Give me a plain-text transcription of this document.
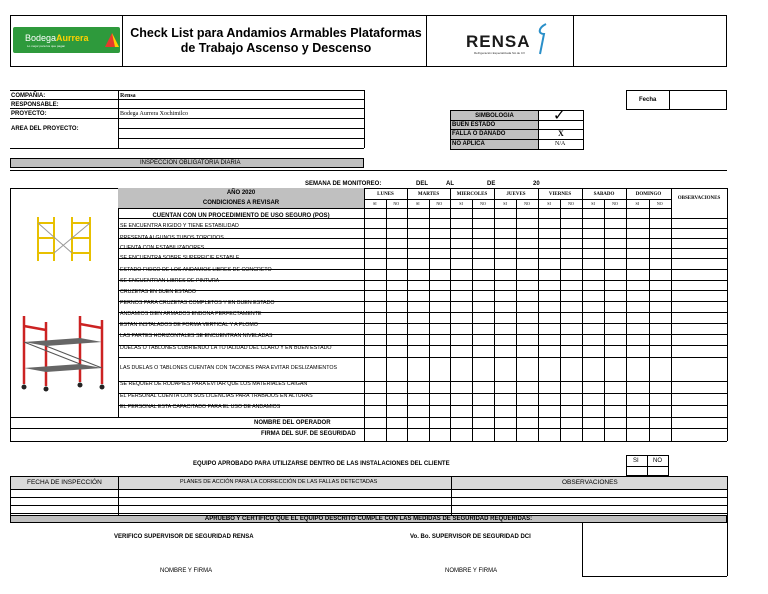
BodegaAurrera
Lo mejor para los que pagan
Check List para Andamios Armables Plataformas de Trabajo Ascenso y Descenso	RENSA
Refrigeración Especializada SA de CV
Fecha
COMPAÑIA:	Rensa
RESPONSABLE:
PROYECTO:	Bodega Aurrera Xochimilco
AREA DEL PROYECTO:
SIMBOLOGIA
BUEN ESTADO
✓
FALLA O DAÑADO	X
NO APLICA	N/A
INSPECCION OBLIGATORIA DIARIA
SEMANA DE MONITOREO:	DEL	AL	DE	20
AÑO 2020
CONDICIONES A REVISAR
CUENTAN CON UN PROCEDIMIENTO DE USO SEGURO (POS)
LUNES
SI	NO
MARTES
SI	NO
MIERCOLES
SI	NO
JUEVES
SI	NO
VIERNES
SI	NO
SABADO
SI	NO
DOMINGO
SI	NO
OBSERVACIONES
SE ENCUENTRA RIGIDO Y TIENE ESTABILIDAD
PRESENTA ALGUNOS TUBOS TORCIDOS
CUENTA CON ESTABILIZADORES
SE ENCUENTRA SOBRE SUPERFICIE ESTABLE
ESTADO FISICO DE LOS ANDAMIOS LIBRES DE CONCRETO
SE ENCUENTRAN LIBRES DE PINTURA
CRUZETAS EN BUEN ESTADO
PERNOS PARA CRUZETAS COMPLETOS Y EN BUEN ESTADO
ANDAMIOS BIEN ARMADOS ENBONA PERFECTAMENTE
ESTAN INSTALADOS DE FORMA VERTICAL Y A PLOMO
LAS PARTES HORIZONTALES SE ENCUENTRAN NIVELADAS
DUELAS O TABLONES CUBRIENDO LA TOTALIDAD DEL CLARO Y EN BUEN ESTADO
LAS DUELAS O TABLONES CUENTAN CON TACONES PARA EVITAR DESLIZAMIENTOS
SE REQUIER DE RODAPIES PARA EVITAR QUE LOS MATERIALES CAIGAN
EL PERSONAL CUENTA CON SUS LICENCIAS PARA TRABAJOS EN ALTURAS
EL PERSONAL ESTA CAPACITADO PARA EL USO DE ANDAMIOS
NOMBRE DEL OPERADOR
FIRMA DEL SUF. DE SEGURIDAD
EQUIPO APROBADO PARA UTILIZARSE DENTRO DE LAS INSTALACIONES DEL CLIENTE	SI NO
FECHA DE INSPECCIÓN	PLANES DE ACCIÓN PARA LA CORRECCIÓN DE LAS FALLAS DETECTADAS	OBSERVACIONES
APRUEBO Y CERTIFICO QUE EL EQUIPO DESCRITO CUMPLE CON LAS MEDIDAS DE SEGURIDAD REQUERIDAS:
VERIFICO SUPERVISOR DE SEGURIDAD RENSA	Vo. Bo. SUPERVISOR DE SEGURIDAD DCI
NOMBRE Y FIRMA	NOMBRE Y FIRMA
